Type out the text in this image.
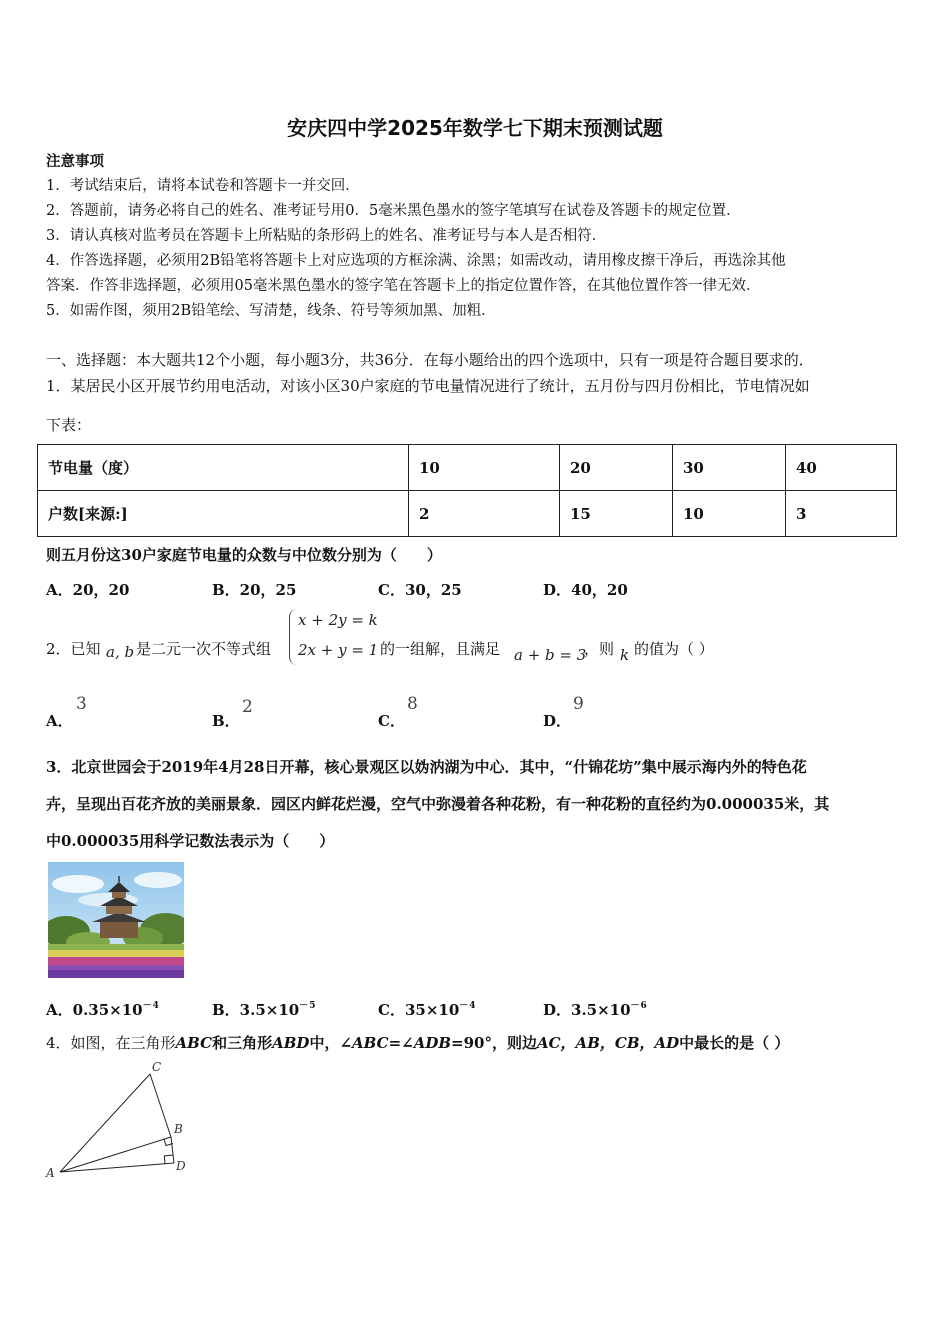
安庆四中学2025年数学七下期末预测试题
注意事项
1．考试结束后，请将本试卷和答题卡一并交回．
2．答题前，请务必将自己的姓名、准考证号用0．5毫米黑色墨水的签字笔填写在试卷及答题卡的规定位置．
3．请认真核对监考员在答题卡上所粘贴的条形码上的姓名、准考证号与本人是否相符．
4．作答选择题，必须用2B铅笔将答题卡上对应选项的方框涂满、涂黑；如需改动，请用橡皮擦干净后，再选涂其他
答案．作答非选择题，必须用05毫米黑色墨水的签字笔在答题卡上的指定位置作答，在其他位置作答一律无效．
5．如需作图，须用2B铅笔绘、写清楚，线条、符号等须加黑、加粗．
一、选择题：本大题共12个小题，每小题3分，共36分．在每小题给出的四个选项中，只有一项是符合题目要求的．
1．某居民小区开展节约用电活动，对该小区30户家庭的节电量情况进行了统计，五月份与四月份相比，节电情况如
下表：
节电量（度）	10	20	30	40
户数[来源:]	2	15	10	3
则五月份这30户家庭节电量的众数与中位数分别为（　　）
A．20，20	B．20，25	C．30，25	D．40，20
2．已知 a, b 是二元一次不等式组
x + 2y = k
2x + y = 1 的一组解，且满足 a + b = 3
，则 k 的值为（ ）
A．
3
B．
2
C．
8
D．
9
3．北京世园会于2019年4月28日开幕，核心景观区以妫汭湖为中心．其中，“什锦花坊”集中展示海内外的特色花
卉，呈现出百花齐放的美丽景象．园区内鲜花烂漫，空气中弥漫着各种花粉，有一种花粉的直径约为0.000035米，其
中0.000035用科学记数法表示为（　　）
A．$0.35\times 10^{-4}$	B．$3.5\times 10^{-5}$	C．$35\times 10^{-4}$	D．$3.5\times 10^{-6}$
4．如图，在三角形ABC和三角形ABD中，∠ABC=∠ADB=90°，则边AC，AB，CB，AD中最长的是（ ）
A
B
C
D
